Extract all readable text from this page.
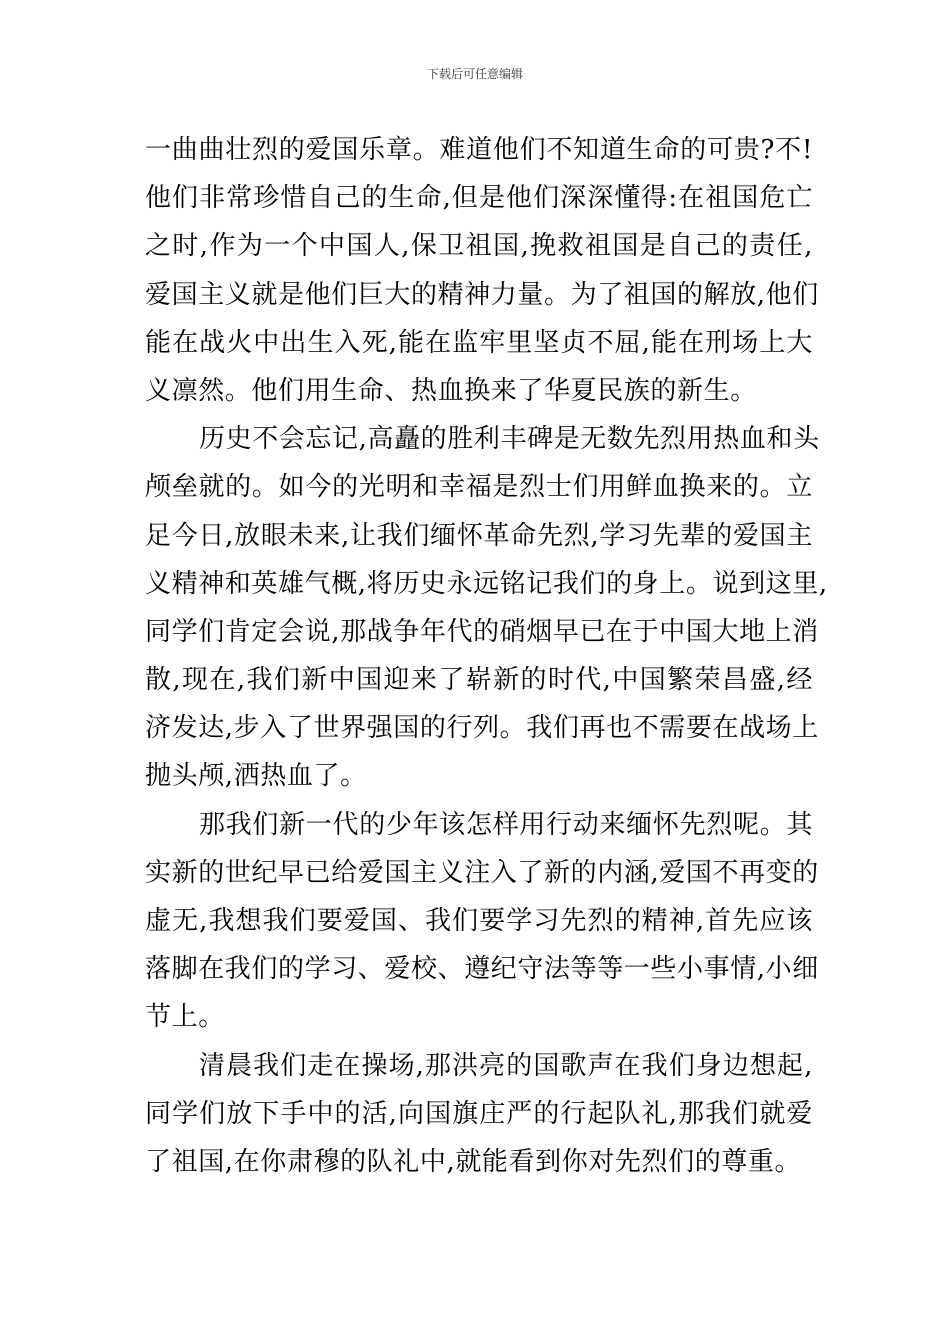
下载后可任意编辑
一曲曲壮烈的爱国乐章。难道他们不知道生命的可贵?不!
他们非常珍惜自己的生命,但是他们深深懂得:在祖国危亡
之时,作为一个中国人,保卫祖国,挽救祖国是自己的责任,
爱国主义就是他们巨大的精神力量。为了祖国的解放,他们
能在战火中出生入死,能在监牢里坚贞不屈,能在刑场上大
义凛然。他们用生命、热血换来了华夏民族的新生。
历史不会忘记,高矗的胜利丰碑是无数先烈用热血和头
颅垒就的。如今的光明和幸福是烈士们用鲜血换来的。立
足今日,放眼未来,让我们缅怀革命先烈,学习先辈的爱国主
义精神和英雄气概,将历史永远铭记我们的身上。说到这里,
同学们肯定会说,那战争年代的硝烟早已在于中国大地上消
散,现在,我们新中国迎来了崭新的时代,中国繁荣昌盛,经
济发达,步入了世界强国的行列。我们再也不需要在战场上
抛头颅,洒热血了。
那我们新一代的少年该怎样用行动来缅怀先烈呢。其
实新的世纪早已给爱国主义注入了新的内涵,爱国不再变的
虚无,我想我们要爱国、我们要学习先烈的精神,首先应该
落脚在我们的学习、爱校、遵纪守法等等一些小事情,小细
节上。
清晨我们走在操场,那洪亮的国歌声在我们身边想起,
同学们放下手中的活,向国旗庄严的行起队礼,那我们就爱
了祖国,在你肃穆的队礼中,就能看到你对先烈们的尊重。
